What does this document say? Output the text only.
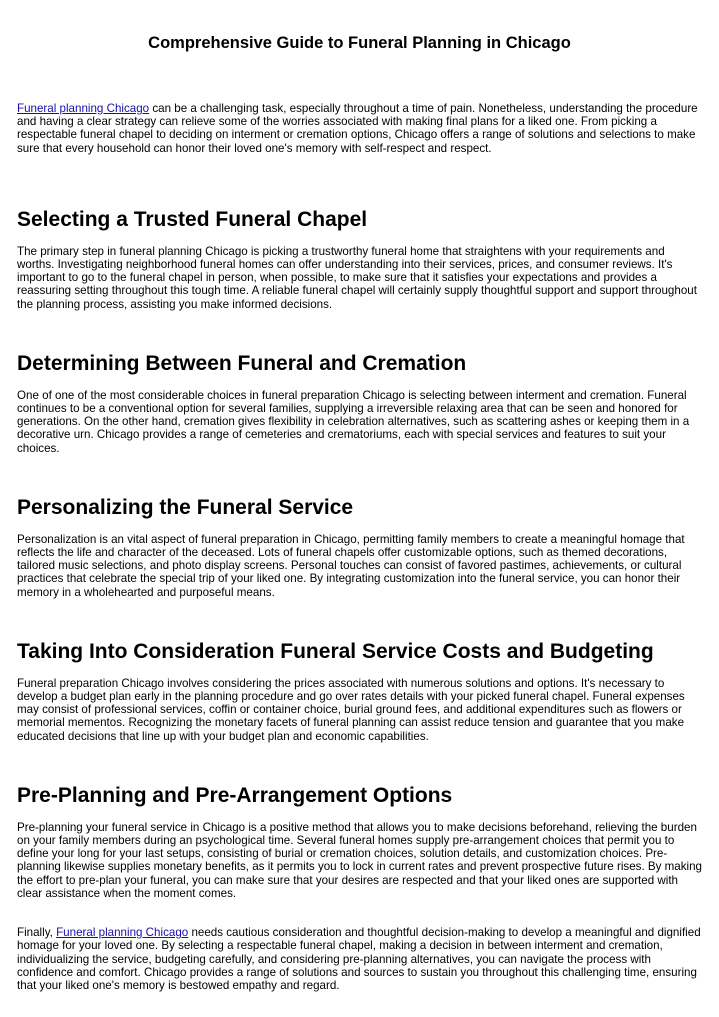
Comprehensive Guide to Funeral Planning in Chicago

Funeral planning Chicago can be a challenging task, especially throughout a time of pain. Nonetheless, understanding the procedure and having a clear strategy can relieve some of the worries associated with making final plans for a liked one. From picking a respectable funeral chapel to deciding on interment or cremation options, Chicago offers a range of solutions and selections to make sure that every household can honor their loved one's memory with self-respect and respect.

Selecting a Trusted Funeral Chapel

The primary step in funeral planning Chicago is picking a trustworthy funeral home that straightens with your requirements and worths. Investigating neighborhood funeral homes can offer understanding into their services, prices, and consumer reviews. It's important to go to the funeral chapel in person, when possible, to make sure that it satisfies your expectations and provides a reassuring setting throughout this tough time. A reliable funeral chapel will certainly supply thoughtful support and support throughout the planning process, assisting you make informed decisions.

Determining Between Funeral and Cremation

One of one of the most considerable choices in funeral preparation Chicago is selecting between interment and cremation. Funeral continues to be a conventional option for several families, supplying a irreversible relaxing area that can be seen and honored for generations. On the other hand, cremation gives flexibility in celebration alternatives, such as scattering ashes or keeping them in a decorative urn. Chicago provides a range of cemeteries and crematoriums, each with special services and features to suit your choices.

Personalizing the Funeral Service

Personalization is an vital aspect of funeral preparation in Chicago, permitting family members to create a meaningful homage that reflects the life and character of the deceased. Lots of funeral chapels offer customizable options, such as themed decorations, tailored music selections, and photo display screens. Personal touches can consist of favored pastimes, achievements, or cultural practices that celebrate the special trip of your liked one. By integrating customization into the funeral service, you can honor their memory in a wholehearted and purposeful means.

Taking Into Consideration Funeral Service Costs and Budgeting

Funeral preparation Chicago involves considering the prices associated with numerous solutions and options. It's necessary to develop a budget plan early in the planning procedure and go over rates details with your picked funeral chapel. Funeral expenses may consist of professional services, coffin or container choice, burial ground fees, and additional expenditures such as flowers or memorial mementos. Recognizing the monetary facets of funeral planning can assist reduce tension and guarantee that you make educated decisions that line up with your budget plan and economic capabilities.

Pre-Planning and Pre-Arrangement Options

Pre-planning your funeral service in Chicago is a positive method that allows you to make decisions beforehand, relieving the burden on your family members during an psychological time. Several funeral homes supply pre-arrangement choices that permit you to define your long for your last setups, consisting of burial or cremation choices, solution details, and customization choices. Pre-planning likewise supplies monetary benefits, as it permits you to lock in current rates and prevent prospective future rises. By making the effort to pre-plan your funeral, you can make sure that your desires are respected and that your liked ones are supported with clear assistance when the moment comes.

Finally, Funeral planning Chicago needs cautious consideration and thoughtful decision-making to develop a meaningful and dignified homage for your loved one. By selecting a respectable funeral chapel, making a decision in between interment and cremation, individualizing the service, budgeting carefully, and considering pre-planning alternatives, you can navigate the process with confidence and comfort. Chicago provides a range of solutions and sources to sustain you throughout this challenging time, ensuring that your liked one's memory is bestowed empathy and regard.
